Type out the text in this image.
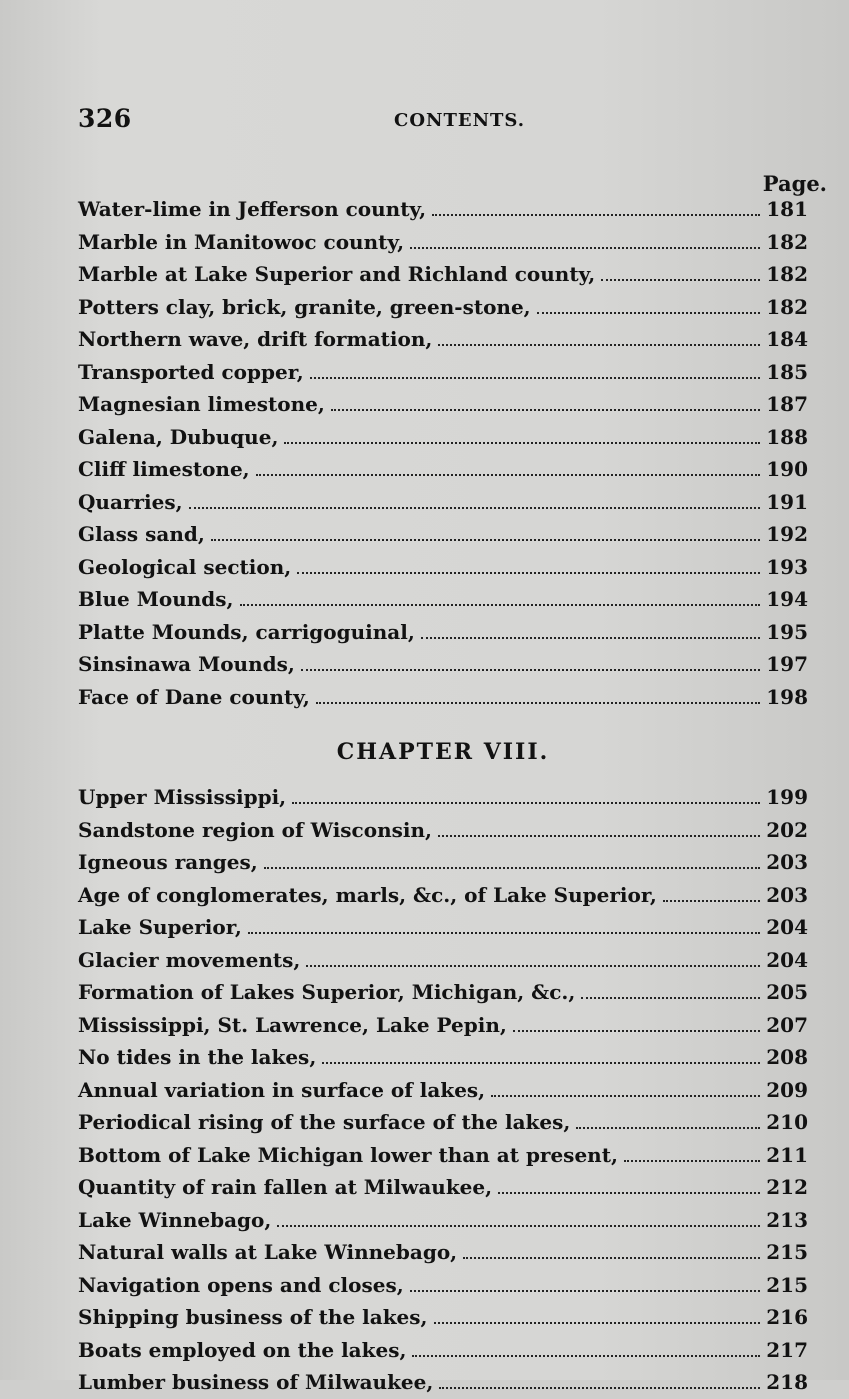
326	CONTENTS.
Page.
Water-lime in Jefferson county,	181
Marble in Manitowoc county,	182
Marble at Lake Superior and Richland county,	182
Potters clay, brick, granite, green-stone,	182
Northern wave, drift formation,	184
Transported copper,	185
Magnesian limestone,	187
Galena, Dubuque,	188
Cliff limestone,	190
Quarries,	191
Glass sand,	192
Geological section,	193
Blue Mounds,	194
Platte Mounds, carrigoguinal,	195
Sinsinawa Mounds,	197
Face of Dane county,	198
CHAPTER VIII.
Upper Mississippi,	199
Sandstone region of Wisconsin,	202
Igneous ranges,	203
Age of conglomerates, marls, &c., of Lake Superior,	203
Lake Superior,	204
Glacier movements,	204
Formation of Lakes Superior, Michigan, &c.,	205
Mississippi, St. Lawrence, Lake Pepin,	207
No tides in the lakes,	208
Annual variation in surface of lakes,	209
Periodical rising of the surface of the lakes,	210
Bottom of Lake Michigan lower than at present,	211
Quantity of rain fallen at Milwaukee,	212
Lake Winnebago,	213
Natural walls at Lake Winnebago,	215
Navigation opens and closes,	215
Shipping business of the lakes,	216
Boats employed on the lakes,	217
Lumber business of Milwaukee,	218
